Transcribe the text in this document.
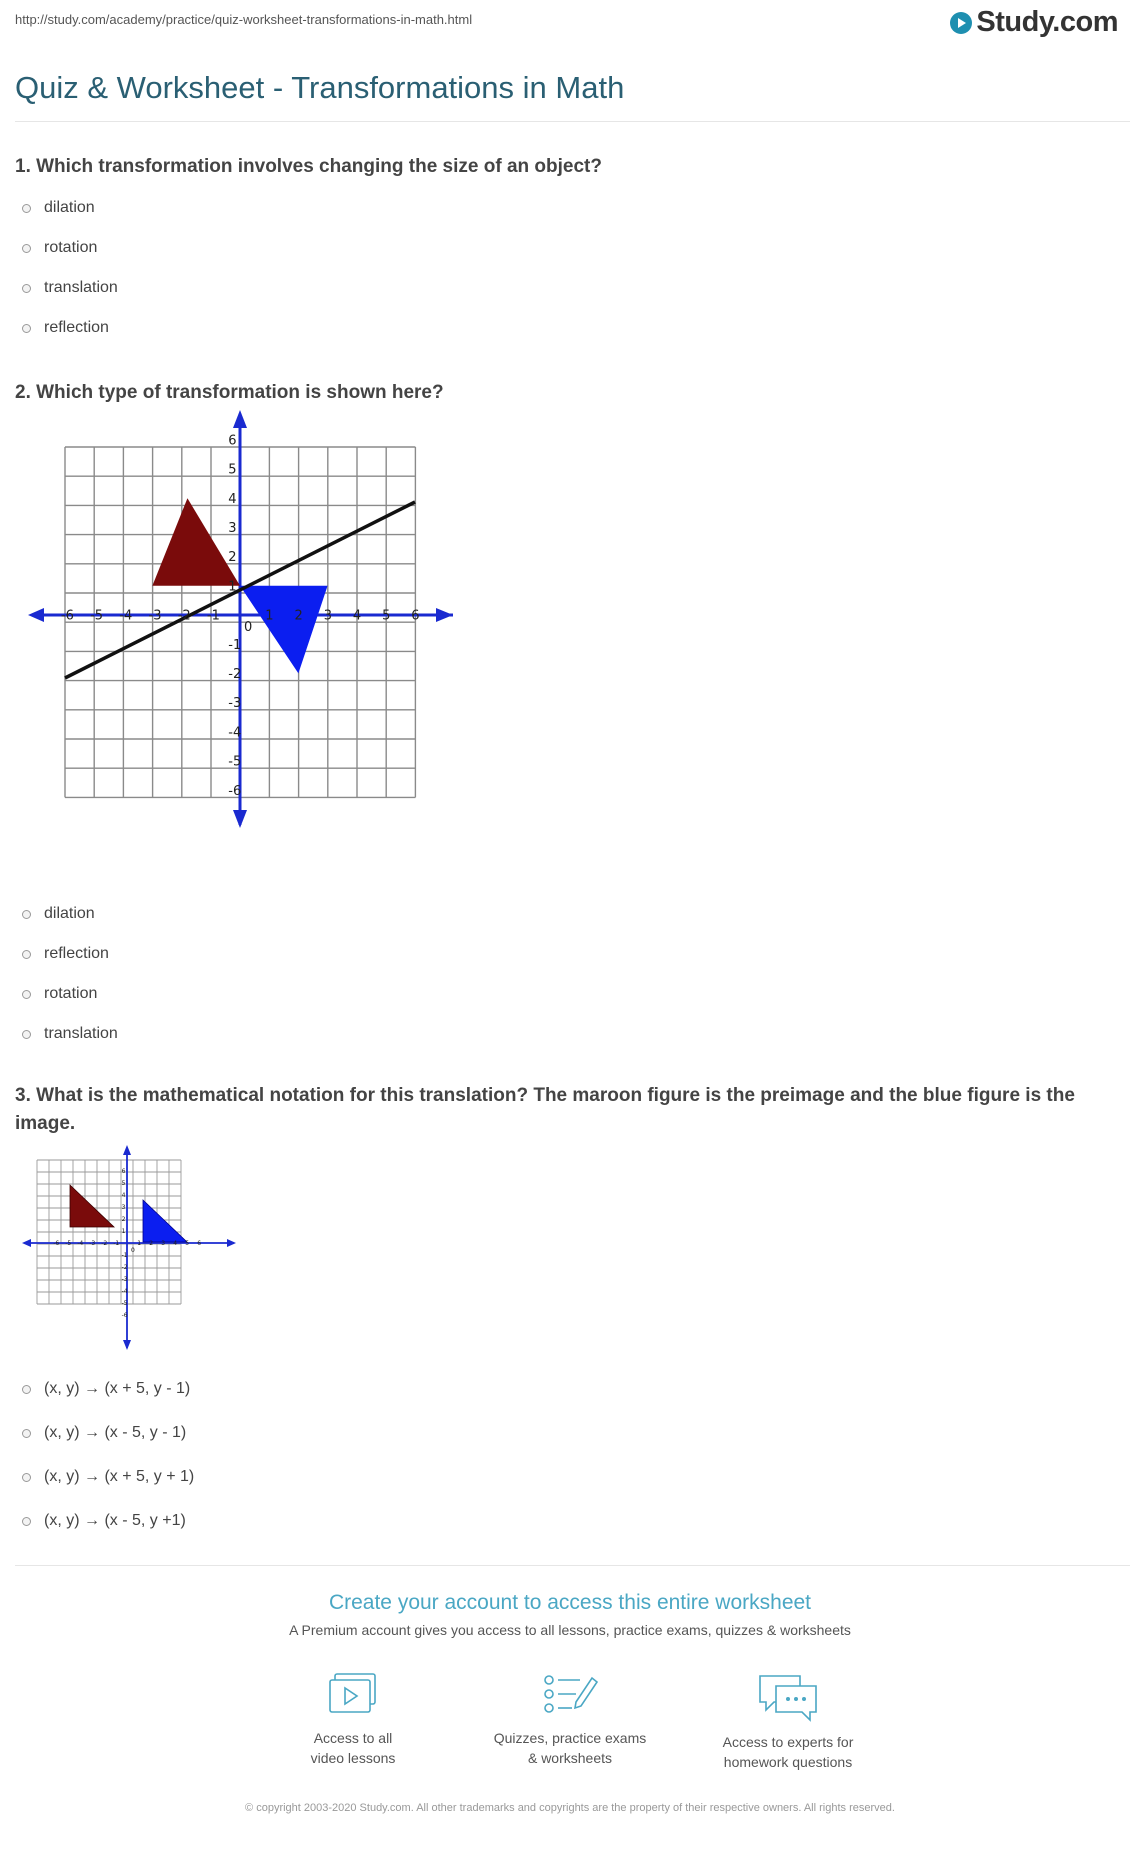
http://study.com/academy/practice/quiz-worksheet-transformations-in-math.html	Study.com
Quiz & Worksheet - Transformations in Math

1. Which transformation involves changing the size of an object?

dilation
rotation
translation
reflection

2. Which type of transformation is shown here?

-6 -5 -4 -3 -2 -1
0
1 2 3 4 5 6
6
5
4
3
2
1
-1
-2
-3
-4
-5
-6
dilation
reflection
rotation
translation

3. What is the mathematical notation for this translation? The maroon figure is the preimage and the blue figure is the image.

-6 -5 -4 -3 -2 -1
0
1 2 3 4 5 6
6
5
4
3
2
1
-1
-2
-3
-4
-5
-6
(x, y) → (x + 5, y - 1)
(x, y) → (x - 5, y - 1)
(x, y) → (x + 5, y + 1)
(x, y) → (x - 5, y +1)
Create your account to access this entire worksheet
A Premium account gives you access to all lessons, practice exams, quizzes & worksheets
Access to all
video lessons
Quizzes, practice exams
& worksheets
Access to experts for
homework questions
© copyright 2003-2020 Study.com. All other trademarks and copyrights are the property of their respective owners. All rights reserved.
